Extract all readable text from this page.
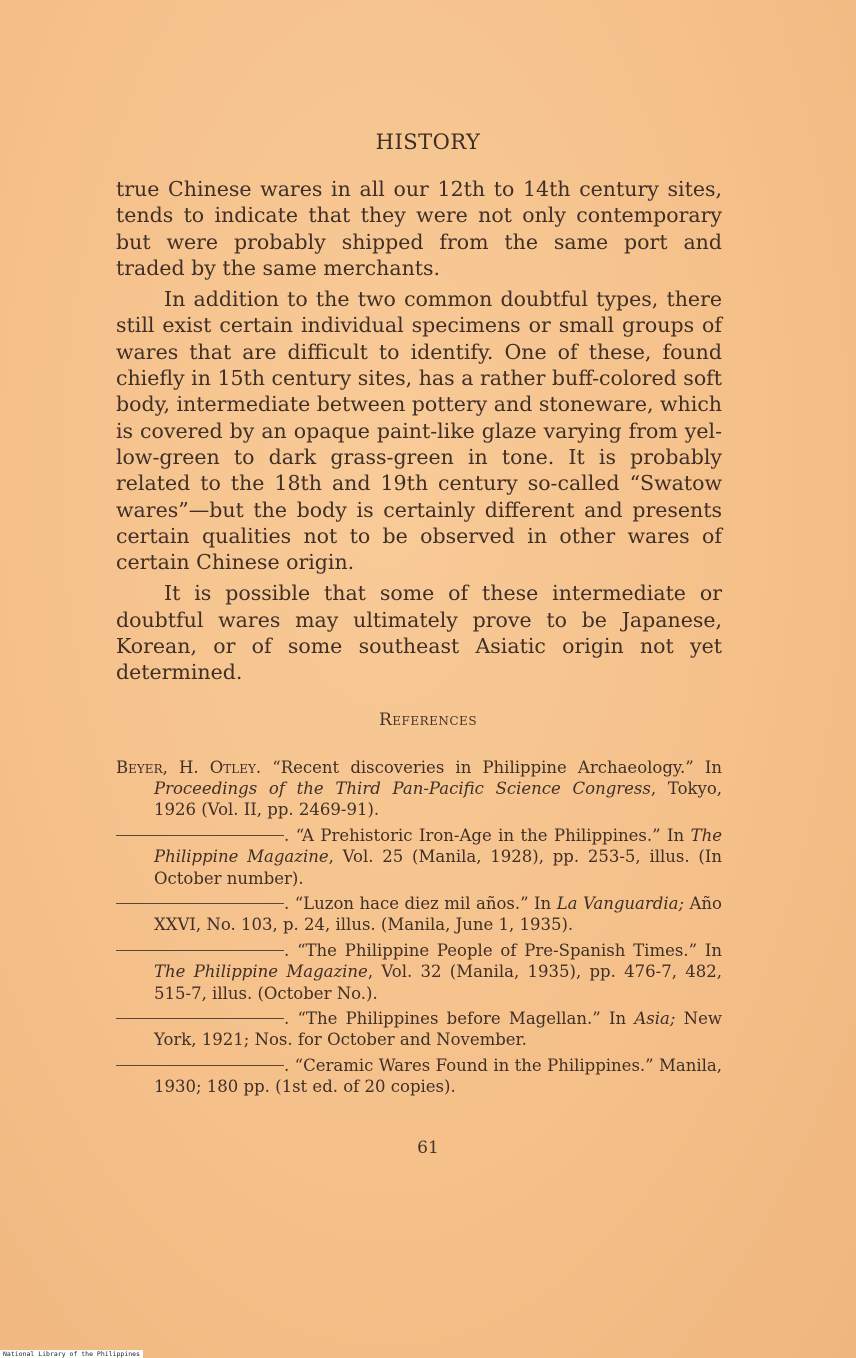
HISTORY

true Chinese wares in all our 12th to 14th century sites, tends to indicate that they were not only contemporary but were probably shipped from the same port and traded by the same merchants.

In addition to the two common doubtful types, there still exist certain individual specimens or small groups of wares that are difficult to identify. One of these, found chiefly in 15th century sites, has a rather buff-colored soft body, intermediate between pottery and stoneware, which is covered by an opaque paint-like glaze varying from yellow-green to dark grass-green in tone. It is probably related to the 18th and 19th century so-called “Swatow wares”—but the body is certainly different and presents certain qualities not to be observed in other wares of certain Chinese origin.

It is possible that some of these intermediate or doubtful wares may ultimately prove to be Japanese, Korean, or of some southeast Asiatic origin not yet determined.

References
Beyer, H. Otley. “Recent discoveries in Philippine Archaeology.” In Proceedings of the Third Pan-Pacific Science Congress, Tokyo, 1926 (Vol. II, pp. 2469-91).
. “A Prehistoric Iron-Age in the Philippines.” In The Philippine Magazine, Vol. 25 (Manila, 1928), pp. 253-5, illus. (In October number).
. “Luzon hace diez mil años.” In La Vanguardia; Año XXVI, No. 103, p. 24, illus. (Manila, June 1, 1935).
. “The Philippine People of Pre-Spanish Times.” In The Philippine Magazine, Vol. 32 (Manila, 1935), pp. 476-7, 482, 515-7, illus. (October No.).
. “The Philippines before Magellan.” In Asia; New York, 1921; Nos. for October and November.
. “Ceramic Wares Found in the Philippines.” Manila, 1930; 180 pp. (1st ed. of 20 copies).
61
National Library of the Philippines
